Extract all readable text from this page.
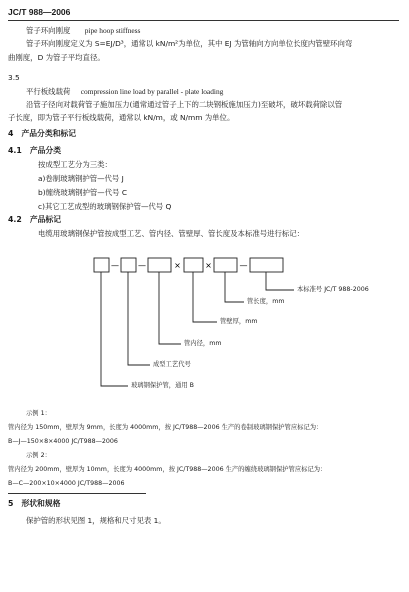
JC/T 988—2006
管子环向刚度 pipe hoop stiffness
管子环向刚度定义为 S=EJ/D³，通常以 kN/m²为单位，其中 EJ 为管轴向方向单位长度内管壁环向弯
曲刚度，D 为管子平均直径。
3.5
平行板线载荷 compression line load by parallel - plate loading
沿管子径向对载荷管子施加压力(通常通过管子上下的二块钢板施加压力)至破坏，破坏载荷除以管
子长度，即为管子平行板线载荷，通常以 kN/m，或 N/mm 为单位。
4 产品分类和标记
4.1 产品分类
按成型工艺分为三类：
a)卷制玻璃钢护管—代号 J
b)缠绕玻璃钢护管—代号 C
c)其它工艺成型的玻璃钢保护管—代号 Q
4.2 产品标记
电缆用玻璃钢保护管按成型工艺、管内径、管壁厚、管长度及本标准号进行标记：
— —	×	×	—
本标准号 JC/T 988-2006
管长度，mm
管壁厚，mm
管内径，mm
成型工艺代号
玻璃钢保护管，通用 B
示例 1：
管内径为 150mm，壁厚为 9mm，长度为 4000mm，按 JC/T988—2006 生产的卷制玻璃钢保护管应标记为：
B—J—150×8×4000 JC/T988—2006
示例 2：
管内径为 200mm，壁厚为 10mm，长度为 4000mm，按 JC/T988—2006 生产的缠绕玻璃钢保护管应标记为：
B—C—200×10×4000 JC/T988—2006
5 形状和规格
保护管的形状见图 1，规格和尺寸见表 1。
